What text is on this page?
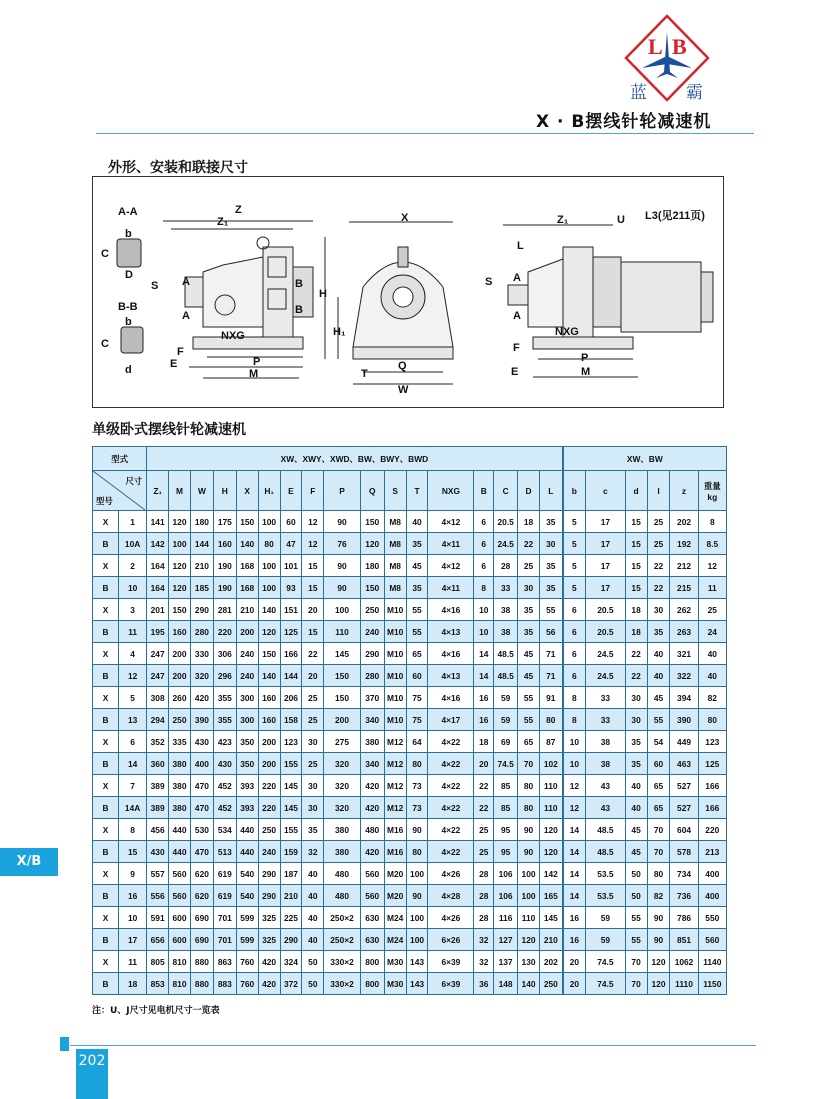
L B
蓝 霸
X · B摆线针轮减速机
外形、安装和联接尺寸
A-A
B-B
Z
Z₁
A
A
B
B
S
NXG
P
M
E
F
C
D
b
C
d
b
X
H
H₁
Q
T
W
Z₁	U L3(见211页)
L
A
A
S
NXG
P
M
E
F
单级卧式摆线针轮减速机
型式		XW、XWY、XWD、BW、BWY、BWD																	XW、BW					

尺寸
型号		Z₁	M	W	H	X	H₁	E	F	P	Q	S	T	NXG	B	C	D	L	b	c	d	l	z	重量 kg
X	1	141	120	180	175	150	100	60	12	90	150	M8	40	4×12	6	20.5	18	35	5	17	15	25	202	8
B	10A	142	100	144	160	140	80	47	12	76	120	M8	35	4×11	6	24.5	22	30	5	17	15	25	192	8.5
X	2	164	120	210	190	168	100	101	15	90	180	M8	45	4×12	6	28	25	35	5	17	15	22	212	12
B	10	164	120	185	190	168	100	93	15	90	150	M8	35	4×11	8	33	30	35	5	17	15	22	215	11
X	3	201	150	290	281	210	140	151	20	100	250	M10	55	4×16	10	38	35	55	6	20.5	18	30	262	25
B	11	195	160	280	220	200	120	125	15	110	240	M10	55	4×13	10	38	35	56	6	20.5	18	35	263	24
X	4	247	200	330	306	240	150	166	22	145	290	M10	65	4×16	14	48.5	45	71	6	24.5	22	40	321	40
B	12	247	200	320	296	240	140	144	20	150	280	M10	60	4×13	14	48.5	45	71	6	24.5	22	40	322	40
X	5	308	260	420	355	300	160	206	25	150	370	M10	75	4×16	16	59	55	91	8	33	30	45	394	82
B	13	294	250	390	355	300	160	158	25	200	340	M10	75	4×17	16	59	55	80	8	33	30	55	390	80
X	6	352	335	430	423	350	200	123	30	275	380	M12	64	4×22	18	69	65	87	10	38	35	54	449	123
B	14	360	380	400	430	350	200	155	25	320	340	M12	80	4×22	20	74.5	70	102	10	38	35	60	463	125
X	7	389	380	470	452	393	220	145	30	320	420	M12	73	4×22	22	85	80	110	12	43	40	65	527	166
B	14A	389	380	470	452	393	220	145	30	320	420	M12	73	4×22	22	85	80	110	12	43	40	65	527	166
X	8	456	440	530	534	440	250	155	35	380	480	M16	90	4×22	25	95	90	120	14	48.5	45	70	604	220
B	15	430	440	470	513	440	240	159	32	380	420	M16	80	4×22	25	95	90	120	14	48.5	45	70	578	213
X	9	557	560	620	619	540	290	187	40	480	560	M20	100	4×26	28	106	100	142	14	53.5	50	80	734	400
B	16	556	560	620	619	540	290	210	40	480	560	M20	90	4×28	28	106	100	165	14	53.5	50	82	736	400
X	10	591	600	690	701	599	325	225	40	250×2	630	M24	100	4×26	28	116	110	145	16	59	55	90	786	550
B	17	656	600	690	701	599	325	290	40	250×2	630	M24	100	6×26	32	127	120	210	16	59	55	90	851	560
X	11	805	810	880	863	760	420	324	50	330×2	800	M30	143	6×39	32	137	130	202	20	74.5	70	120	1062	1140
B	18	853	810	880	883	760	420	372	50	330×2	800	M30	143	6×39	36	148	140	250	20	74.5	70	120	1110	1150
注：U、J尺寸见电机尺寸一览表
X/B
202
